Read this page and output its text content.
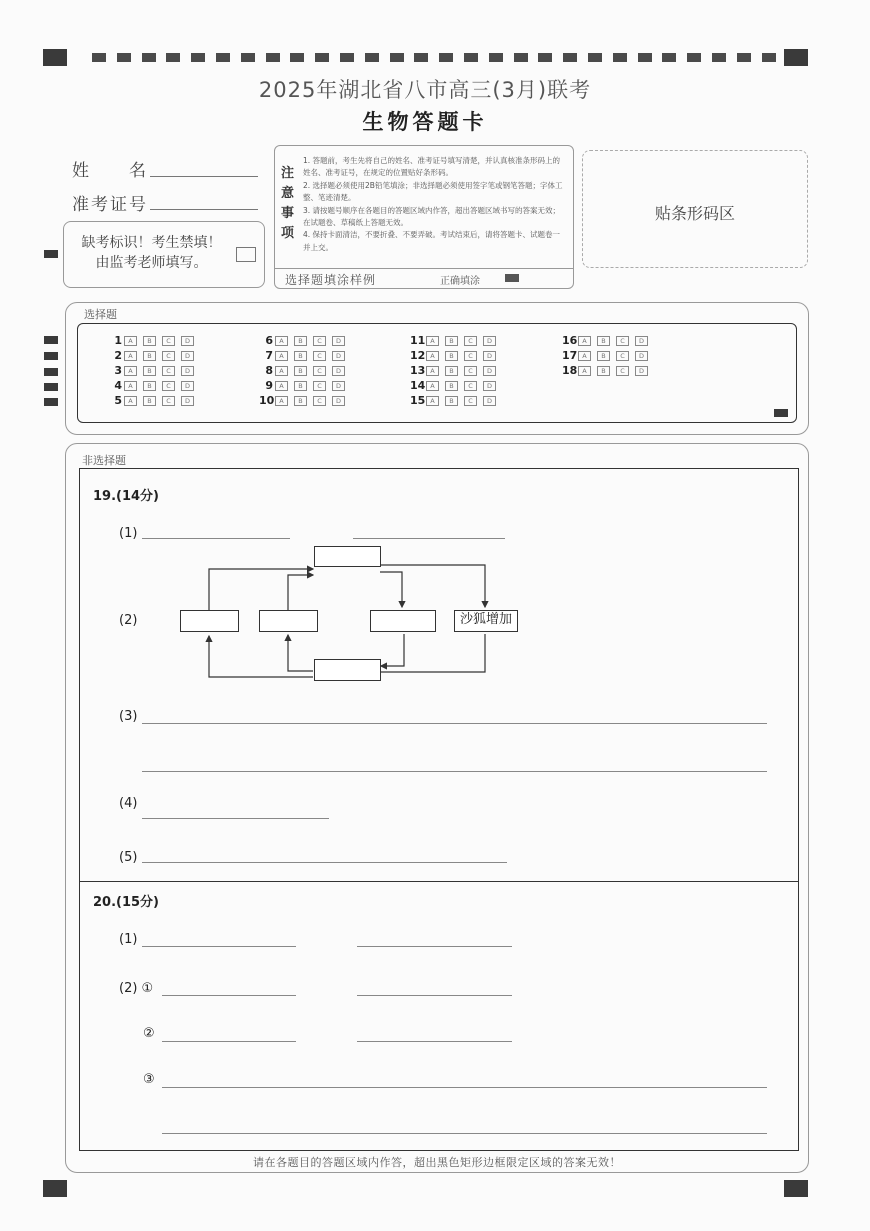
2025年湖北省八市高三(3月)联考
生物答题卡
姓　　名
准考证号
缺考标识！考生禁填！
由监考老师填写。
注意事项
1. 答题前，考生先将自己的姓名、准考证号填写清楚，并认真核准条形码上的姓名、准考证号，在规定的位置贴好条形码。
2. 选择题必须使用2B铅笔填涂；非选择题必须使用签字笔或钢笔答题；字体工整、笔迹清楚。
3. 请按题号顺序在各题目的答题区域内作答，超出答题区域书写的答案无效；在试题卷、草稿纸上答题无效。
4. 保持卡面清洁，不要折叠、不要弄破。考试结束后，请将答题卡、试题卷一并上交。
选择题填涂样例	正确填涂
贴条形码区
选择题
1 A B C D
2 A B C D
3 A B C D
4 A B C D
5 A B C D
6 A B C D
7 A B C D
8 A B C D
9 A B C D
10 A B C D
11 A B C D
12 A B C D
13 A B C D
14 A B C D
15 A B C D
16 A B C D
17 A B C D
18 A B C D
非选择题
19.(14分)
(1)
(2)	沙狐增加
(3)
(4)
(5)
20.(15分)
(1)
(2) ①
②
③
请在各题目的答题区域内作答，超出黑色矩形边框限定区域的答案无效！
